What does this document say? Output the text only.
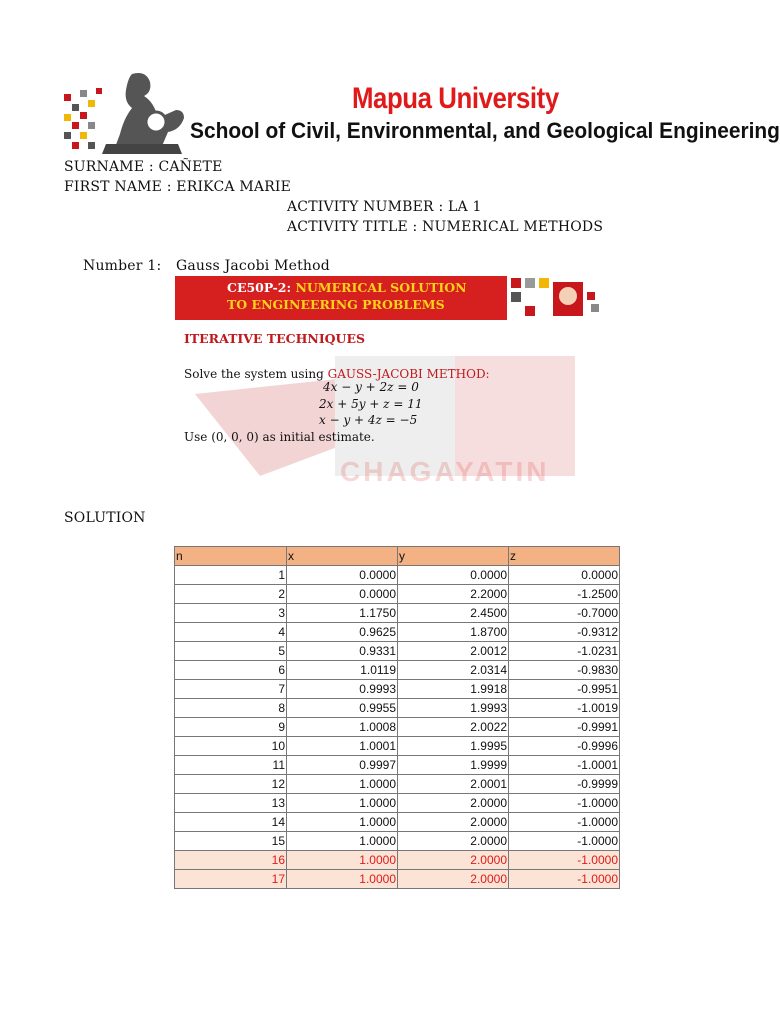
Mapua University
School of Civil, Environmental, and Geological Engineering
SURNAME : CAÑETE
FIRST NAME : ERIKCA MARIE
ACTIVITY NUMBER : LA 1
ACTIVITY TITLE : NUMERICAL METHODS
Number 1: Gauss Jacobi Method
CHAGAYATIN
CE50P-2: NUMERICAL SOLUTION
TO ENGINEERING PROBLEMS
ITERATIVE TECHNIQUES
Solve the system using GAUSS-JACOBI METHOD:
4x − y + 2z = 0
2x + 5y + z = 11
x − y + 4z = −5
Use (0, 0, 0) as initial estimate.
SOLUTION
n	x	y	z
1	0.0000	0.0000	0.0000
2	0.0000	2.2000	-1.2500
3	1.1750	2.4500	-0.7000
4	0.9625	1.8700	-0.9312
5	0.9331	2.0012	-1.0231
6	1.0119	2.0314	-0.9830
7	0.9993	1.9918	-0.9951
8	0.9955	1.9993	-1.0019
9	1.0008	2.0022	-0.9991
10	1.0001	1.9995	-0.9996
11	0.9997	1.9999	-1.0001
12	1.0000	2.0001	-0.9999
13	1.0000	2.0000	-1.0000
14	1.0000	2.0000	-1.0000
15	1.0000	2.0000	-1.0000
16	1.0000	2.0000	-1.0000
17	1.0000	2.0000	-1.0000
